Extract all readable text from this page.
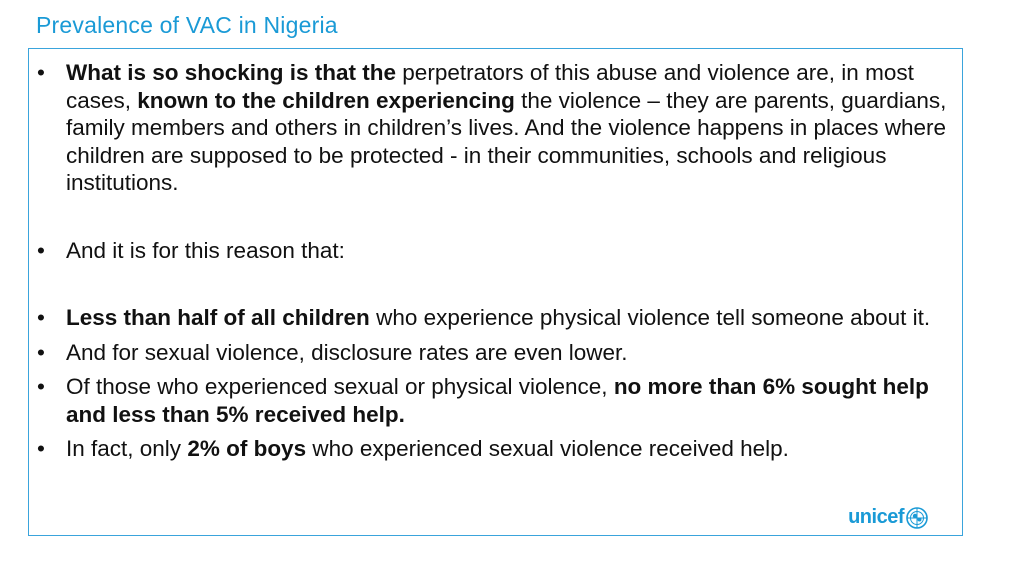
Prevalence of VAC in Nigeria
• What is so shocking is that the perpetrators of this abuse and violence are, in most cases, known to the children experiencing the violence – they are parents, guardians, family members and others in children’s lives. And the violence happens in places where children are supposed to be protected - in their communities, schools and religious institutions.
• And it is for this reason that:
• Less than half of all children who experience physical violence tell someone about it.
• And for sexual violence, disclosure rates are even lower.
• Of those who experienced sexual or physical violence, no more than 6% sought help and less than 5% received help.
• In fact, only 2% of boys who experienced sexual violence received help.
unicef
